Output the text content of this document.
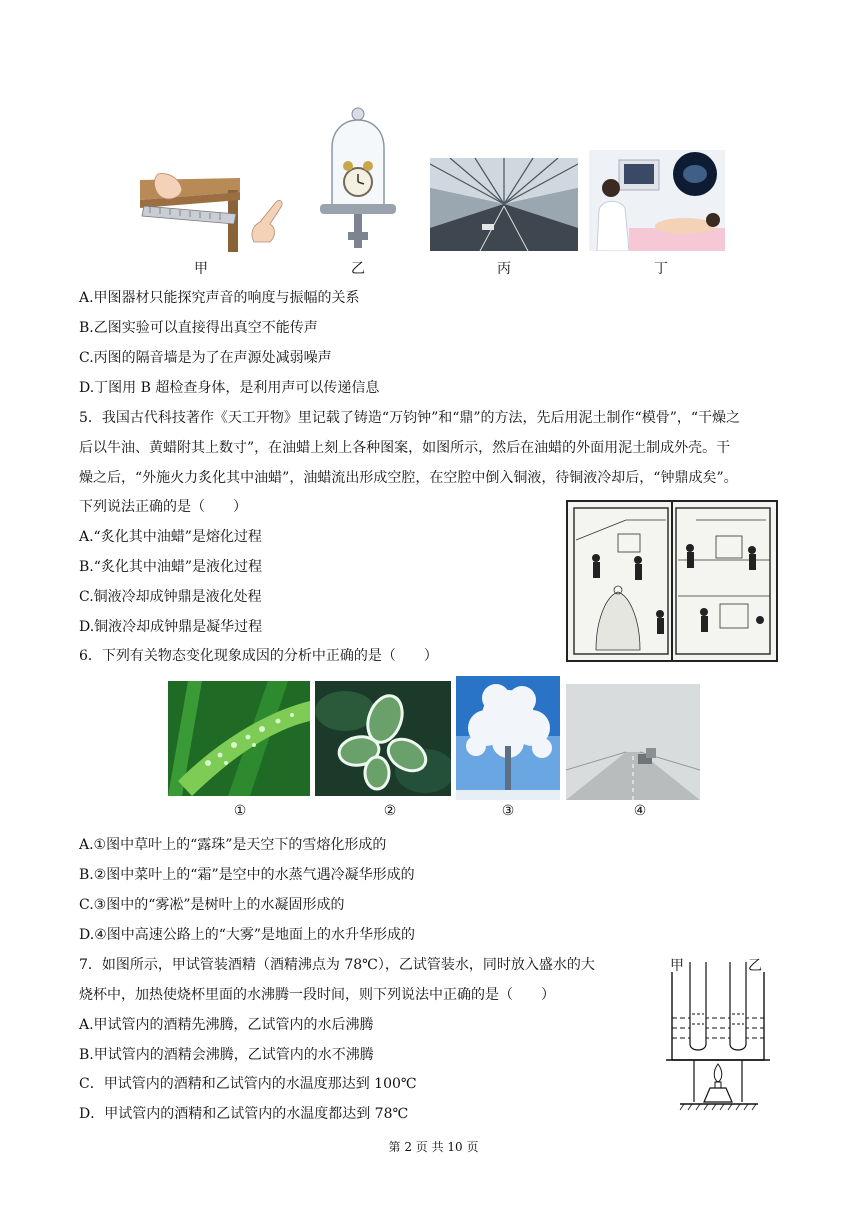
甲	乙	丙	丁
A.甲图器材只能探究声音的响度与振幅的关系
B.乙图实验可以直接得出真空不能传声
C.丙图的隔音墙是为了在声源处减弱噪声
D.丁图用 B 超检查身体，是利用声可以传递信息
5．我国古代科技著作《天工开物》里记载了铸造“万钧钟”和“鼎”的方法，先后用泥土制作“模骨”，“干燥之
后以牛油、黄蜡附其上数寸”，在油蜡上刻上各种图案，如图所示，然后在油蜡的外面用泥土制成外壳。干
燥之后，“外施火力炙化其中油蜡”，油蜡流出形成空腔，在空腔中倒入铜液，待铜液冷却后，“钟鼎成矣”。
下列说法正确的是（　　）
A.“炙化其中油蜡”是熔化过程
B.“炙化其中油蜡”是液化过程
C.铜液冷却成钟鼎是液化处程
D.铜液冷却成钟鼎是凝华过程
6．下列有关物态变化现象成因的分析中正确的是（　　）
①	②	③	④
A.①图中草叶上的“露珠”是天空下的雪熔化形成的
B.②图中菜叶上的“霜”是空中的水蒸气遇冷凝华形成的
C.③图中的“雾凇”是树叶上的水凝固形成的
D.④图中高速公路上的“大雾”是地面上的水升华形成的
7．如图所示，甲试管装酒精（酒精沸点为 78℃），乙试管装水，同时放入盛水的大
烧杯中，加热使烧杯里面的水沸腾一段时间，则下列说法中正确的是（　　）
A.甲试管内的酒精先沸腾，乙试管内的水后沸腾
B.甲试管内的酒精会沸腾，乙试管内的水不沸腾
C．甲试管内的酒精和乙试管内的水温度那达到 100℃
D．甲试管内的酒精和乙试管内的水温度都达到 78℃
甲	乙
第 2 页 共 10 页
